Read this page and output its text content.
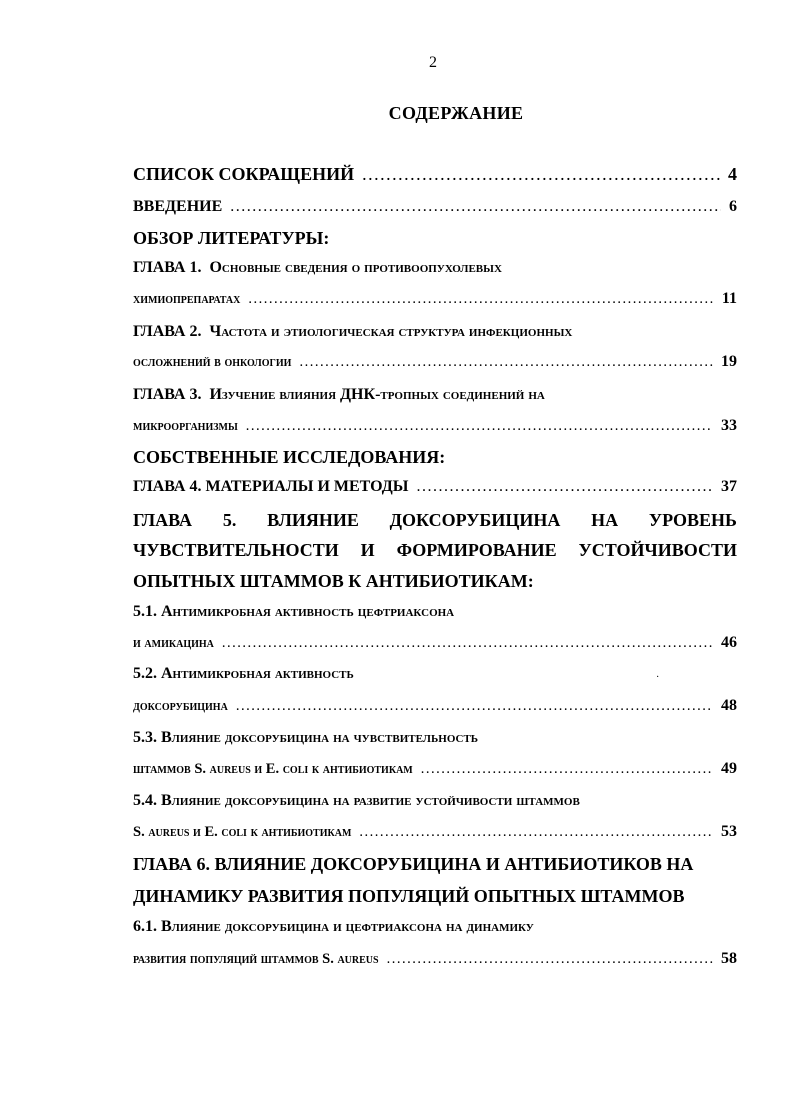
2
СОДЕРЖАНИЕ
СПИСОК СОКРАЩЕНИЙ .....	4
ВВЕДЕНИЕ .....	6
ОБЗОР ЛИТЕРАТУРЫ:
ГЛАВА 1.
Основные сведения о противоопухолевых
химиопрепаратах .....	11
ГЛАВА 2.
Частота и этиологическая структура инфекционных
осложнений в онкологии .....	19
ГЛАВА 3.
Изучение влияния ДНК-тропных соединений на
микроорганизмы .....	33
СОБСТВЕННЫЕ ИССЛЕДОВАНИЯ:
ГЛАВА 4. МАТЕРИАЛЫ И МЕТОДЫ .....	37
ГЛАВА 5. ВЛИЯНИЕ ДОКСОРУБИЦИНА НА УРОВЕНЬ
ЧУВСТВИТЕЛЬНОСТИ И ФОРМИРОВАНИЕ УСТОЙЧИВОСТИ
ОПЫТНЫХ ШТАММОВ К АНТИБИОТИКАМ:
5.1. Антимикробная активность цефтриаксона
и амикацина .....	46
5.2. Антимикробная активность
доксорубицина .....	48
5.3. Влияние доксорубицина на чувствительность
штаммов S. aureus и E. coli к антибиотикам .....	49
5.4. Влияние доксорубицина на развитие устойчивости штаммов
S. aureus и E. coli к антибиотикам .....	53
ГЛАВА 6. ВЛИЯНИЕ ДОКСОРУБИЦИНА И АНТИБИОТИКОВ НА
ДИНАМИКУ РАЗВИТИЯ ПОПУЛЯЦИЙ ОПЫТНЫХ ШТАММОВ
6.1. Влияние доксорубицина и цефтриаксона на динамику
развития популяций штаммов S. aureus .....	58
·
